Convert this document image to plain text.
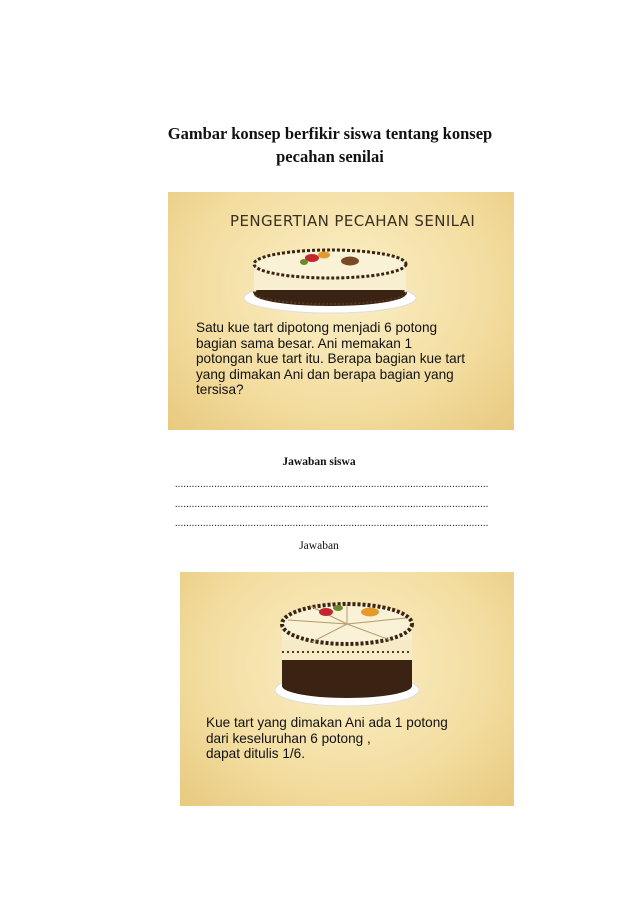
Gambar konsep berfikir siswa tentang konsep
pecahan senilai
PENGERTIAN PECAHAN SENILAI

Satu kue tart dipotong menjadi 6 potong

bagian sama besar. Ani memakan 1

potongan kue tart itu. Berapa bagian kue tart

yang dimakan Ani dan berapa bagian yang

tersisa?

Jawaban siswa
................................................................................................................
................................................................................................................
................................................................................................................
Jawaban

Kue tart yang dimakan Ani ada 1 potong

dari keseluruhan 6 potong ,

dapat ditulis 1/6.
